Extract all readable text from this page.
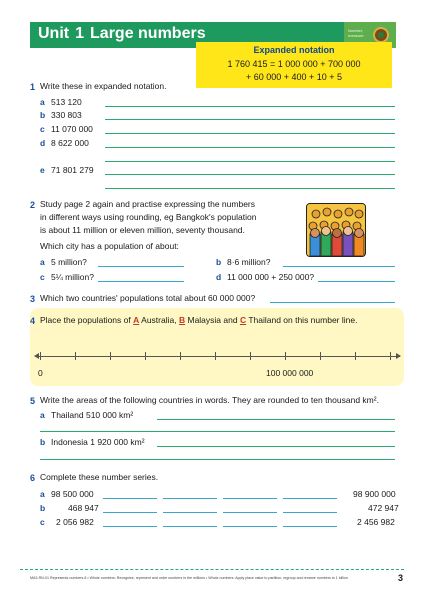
Unit 1 Large numbers	Number,
measure
Expanded notation
1 760 415 = 1 000 000 + 700 000
+ 60 000 + 400 + 10 + 5
1 Write these in expanded notation.
a 513 120
b 330 803
c 11 070 000
d 8 622 000
e 71 801 279
2 Study page 2 again and practise expressing the numbers
in different ways using rounding, eg Bangkok's population
is about 11 million or eleven million, seventy thousand.
Which city has a population of about:
a 5 million?	b 8·6 million?
c 5¼ million?	d 11 000 000 + 250 000?
3 Which two countries' populations total about 60 000 000?
4 Place the populations of A Australia, B Malaysia and C Thailand on this number line.
0	100 000 000
5 Write the areas of the following countries in words. They are rounded to ten thousand km².
a Thailand 510 000 km²
b Indonesia 1 920 000 km²
6 Complete these number series.
a 98 500 000	98 900 000
b	468 947	472 947
c 2 056 982	2 456 982
MA3-RN-01 Represents numbers.8 • Whole numbers: Recognise, represent and order numbers in the millions • Whole numbers: Apply place value to partition, regroup and rename numbers to 1 billion	3
